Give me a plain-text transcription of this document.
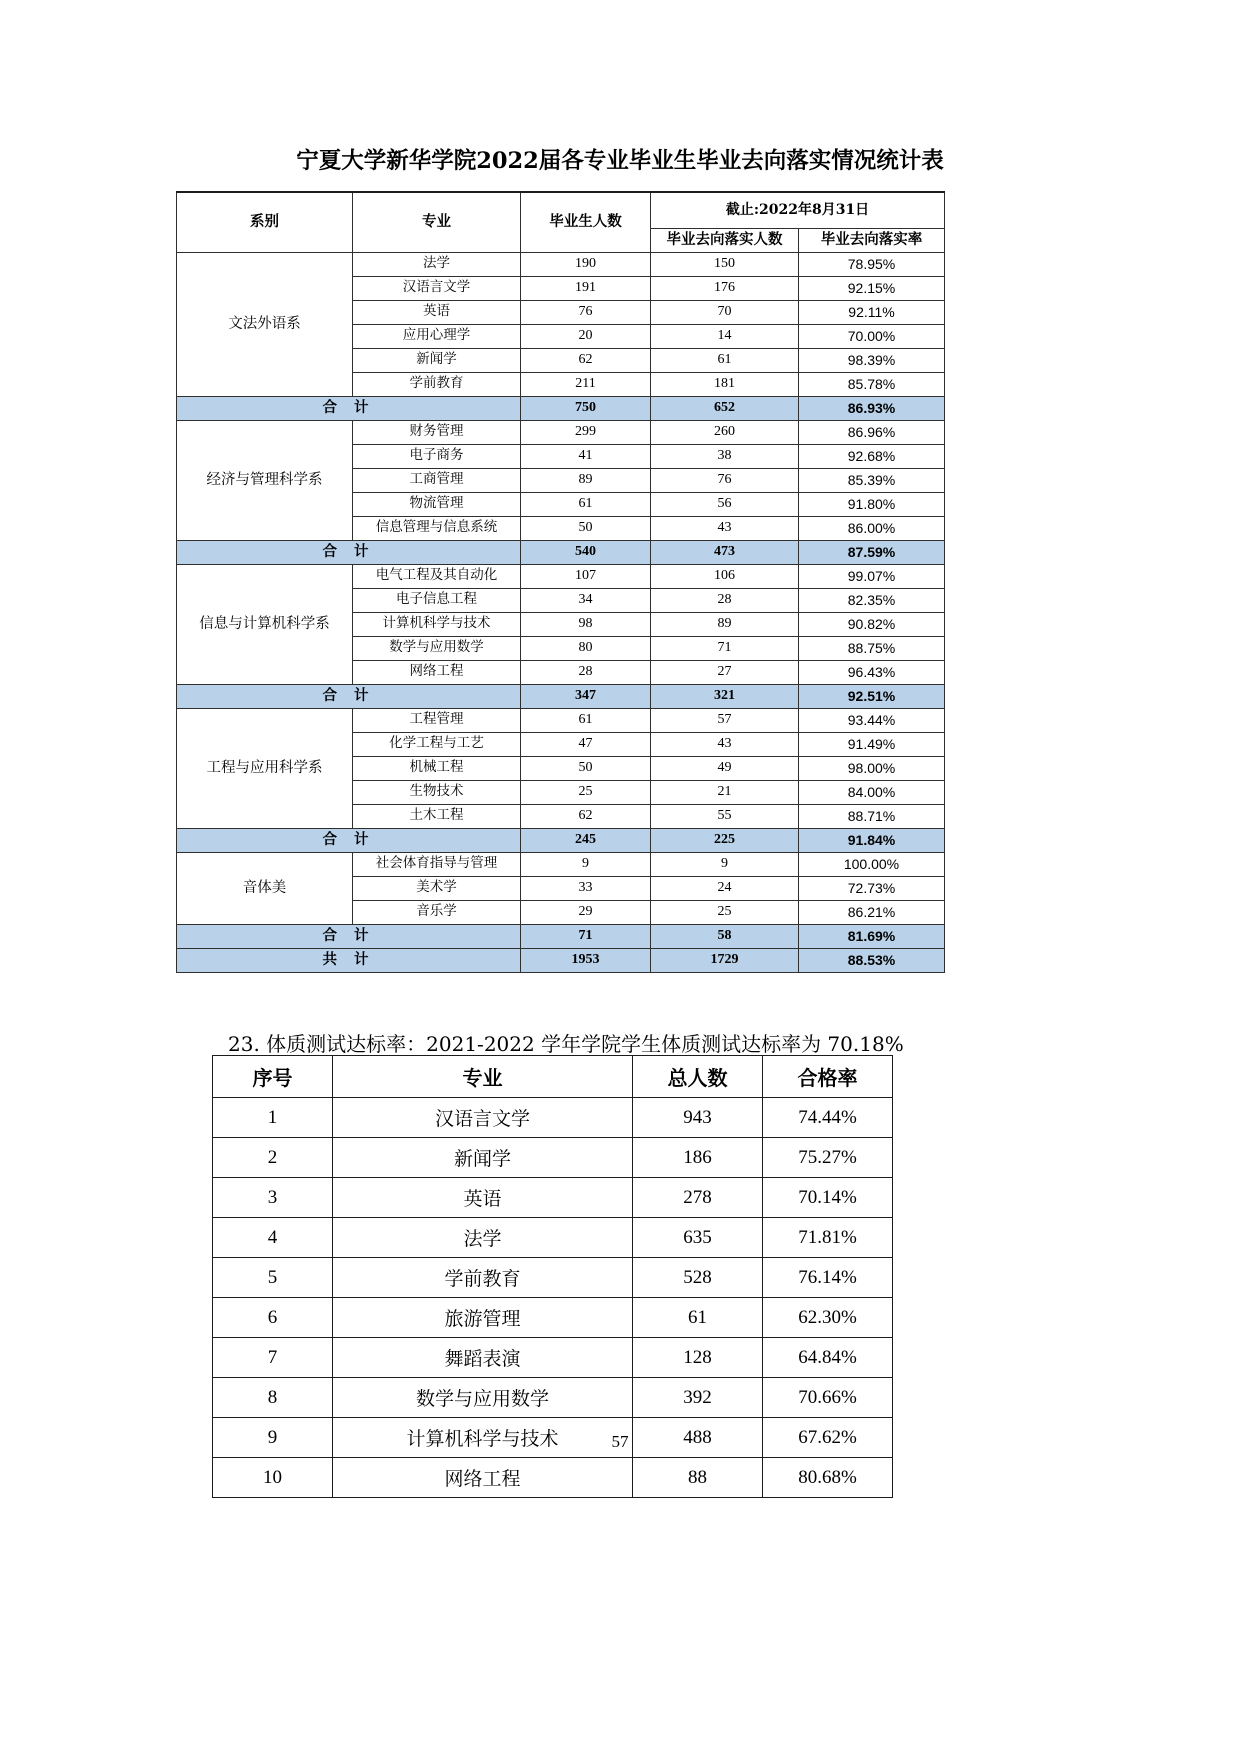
宁夏大学新华学院2022届各专业毕业生毕业去向落实情况统计表
系别	专业	毕业生人数	截止:2022年8月31日	
			毕业去向落实人数	毕业去向落实率
文法外语系	法学	190	150	78.95%
	汉语言文学	191	176	92.15%
	英语	76	70	92.11%
	应用心理学	20	14	70.00%
	新闻学	62	61	98.39%
	学前教育	211	181	85.78%
合 计		750	652	86.93%
经济与管理科学系	财务管理	299	260	86.96%
	电子商务	41	38	92.68%
	工商管理	89	76	85.39%
	物流管理	61	56	91.80%
	信息管理与信息系统	50	43	86.00%
合 计		540	473	87.59%
信息与计算机科学系	电气工程及其自动化	107	106	99.07%
	电子信息工程	34	28	82.35%
	计算机科学与技术	98	89	90.82%
	数学与应用数学	80	71	88.75%
	网络工程	28	27	96.43%
合 计		347	321	92.51%
工程与应用科学系	工程管理	61	57	93.44%
	化学工程与工艺	47	43	91.49%
	机械工程	50	49	98.00%
	生物技术	25	21	84.00%
	土木工程	62	55	88.71%
合 计		245	225	91.84%
音体美	社会体育指导与管理	9	9	100.00%
	美术学	33	24	72.73%
	音乐学	29	25	86.21%
合 计		71	58	81.69%
共 计		1953	1729	88.53%
23. 体质测试达标率：2021-2022 学年学院学生体质测试达标率为 70.18%
序号	专业	总人数	合格率
1	汉语言文学	943	74.44%
2	新闻学	186	75.27%
3	英语	278	70.14%
4	法学	635	71.81%
5	学前教育	528	76.14%
6	旅游管理	61	62.30%
7	舞蹈表演	128	64.84%
8	数学与应用数学	392	70.66%
9	计算机科学与技术	488	67.62%
10	网络工程	88	80.68%
57
